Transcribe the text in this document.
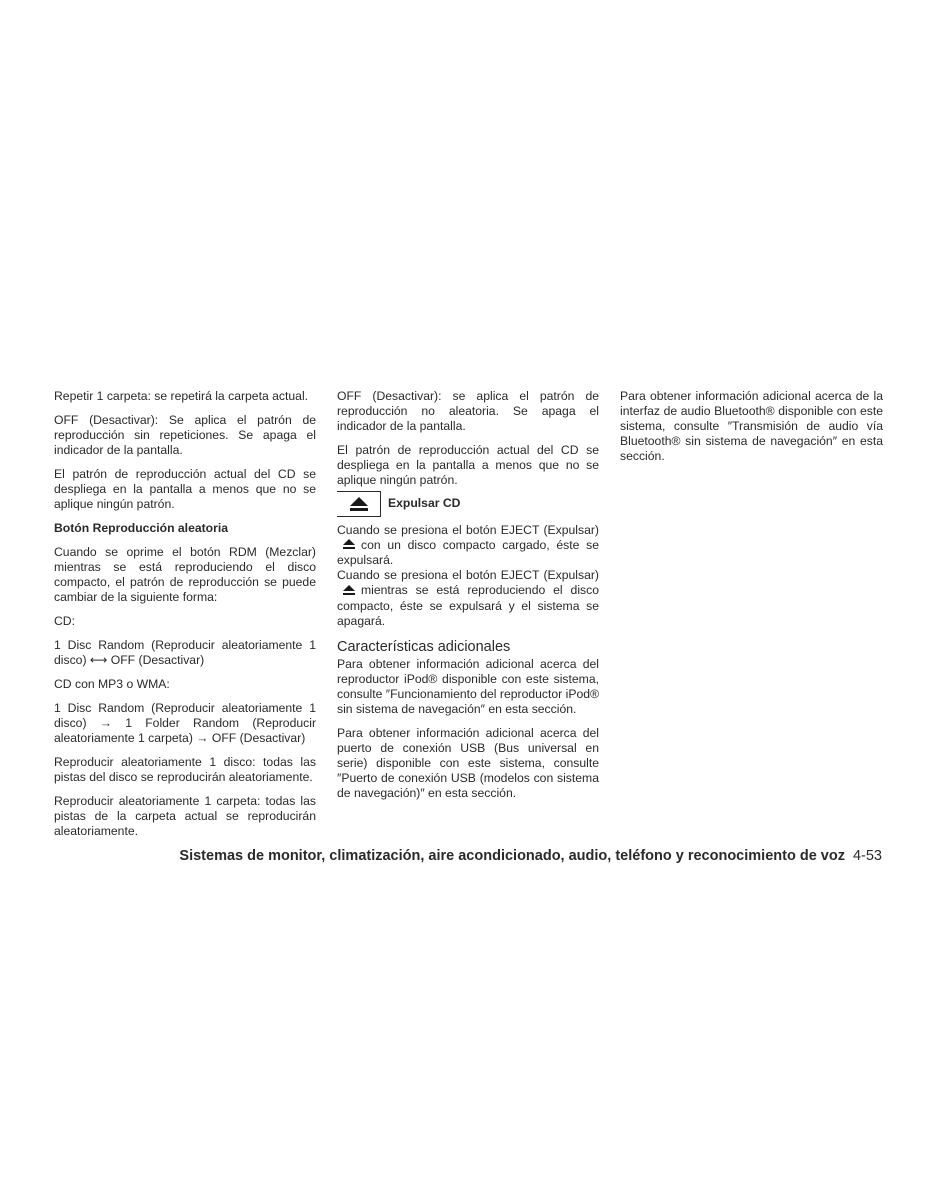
Repetir 1 carpeta: se repetirá la carpeta actual.

OFF (Desactivar): Se aplica el patrón de reproducción sin repeticiones. Se apaga el indicador de la pantalla.

El patrón de reproducción actual del CD se despliega en la pantalla a menos que no se aplique ningún patrón.

Botón Reproducción aleatoria

Cuando se oprime el botón RDM (Mezclar) mientras se está reproduciendo el disco compacto, el patrón de reproducción se puede cambiar de la siguiente forma:

CD:

1 Disc Random (Reproducir aleatoriamente 1 disco) ⟷ OFF (Desactivar)

CD con MP3 o WMA:

1 Disc Random (Reproducir aleatoriamente 1 disco) → 1 Folder Random (Reproducir aleatoriamente 1 carpeta) → OFF (Desactivar)

Reproducir aleatoriamente 1 disco: todas las pistas del disco se reproducirán aleatoriamente.

Reproducir aleatoriamente 1 carpeta: todas las pistas de la carpeta actual se reproducirán aleatoriamente.

OFF (Desactivar): se aplica el patrón de reproducción no aleatoria. Se apaga el indicador de la pantalla.

El patrón de reproducción actual del CD se despliega en la pantalla a menos que no se aplique ningún patrón.

Expulsar CD

Cuando se presiona el botón EJECT (Expulsar)con un disco compacto cargado, éste se expulsará.

Cuando se presiona el botón EJECT (Expulsar)mientras se está reproduciendo el disco compacto, éste se expulsará y el sistema se apagará.

Características adicionales

Para obtener información adicional acerca del reproductor iPod® disponible con este sistema, consulte ″Funcionamiento del reproductor iPod® sin sistema de navegación″ en esta sección.

Para obtener información adicional acerca del puerto de conexión USB (Bus universal en serie) disponible con este sistema, consulte ″Puerto de conexión USB (modelos con sistema de navegación)″ en esta sección.

Para obtener información adicional acerca de la interfaz de audio Bluetooth® disponible con este sistema, consulte ″Transmisión de audio vía Bluetooth® sin sistema de navegación″ en esta sección.

Sistemas de monitor, climatización, aire acondicionado, audio, teléfono y reconocimiento de voz 4-53
